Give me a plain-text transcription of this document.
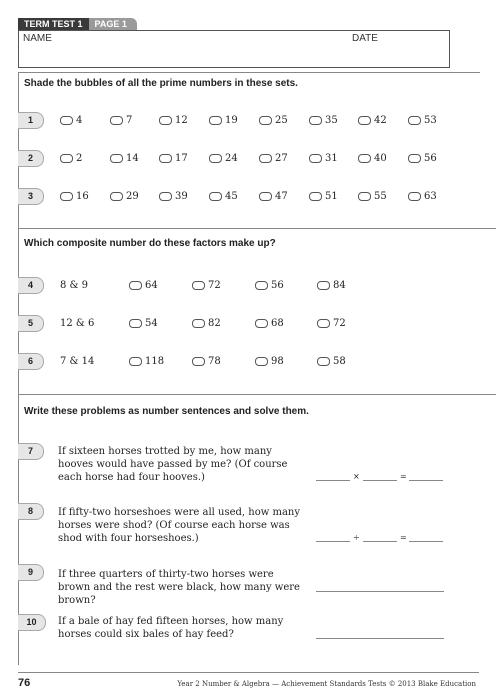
TERM TEST 1	PAGE 1
NAME	DATE
Shade the bubbles of all the prime numbers in these sets.
1	4	7	12	19	25	35	42	53
2	2	14	17	24	27	31	40	56
3	16	29	39	45	47	51	55	63
Which composite number do these factors make up?
4	8 & 9	64	72	56	84
5	12 & 6	54	82	68	72
6	7 & 14	118	78	98	58
Write these problems as number sentences and solve them.
7	If sixteen horses trotted by me, how many hooves would have passed by me? (Of course each horse had four hooves.)	×	=
8	If fifty-two horseshoes were all used, how many horses were shod? (Of course each horse was shod with four horseshoes.)	÷	=
9	If three quarters of thirty-two horses were brown and the rest were black, how many were brown?
10	If a bale of hay fed fifteen horses, how many horses could six bales of hay feed?
76	Year 2 Number & Algebra — Achievement Standards Tests © 2013 Blake Education
